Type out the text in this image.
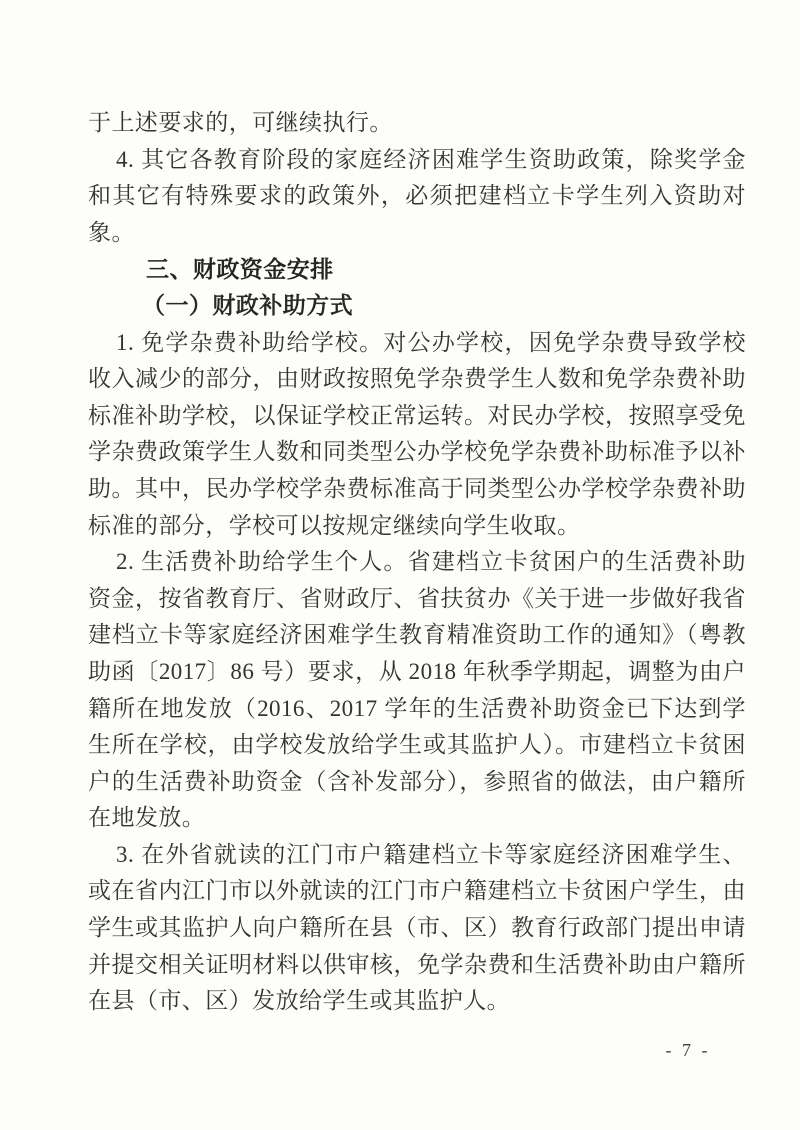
于上述要求的，可继续执行。

4. 其它各教育阶段的家庭经济困难学生资助政策，除奖学金和其它有特殊要求的政策外，必须把建档立卡学生列入资助对象。

三、财政资金安排

（一）财政补助方式

1. 免学杂费补助给学校。对公办学校，因免学杂费导致学校收入减少的部分，由财政按照免学杂费学生人数和免学杂费补助标准补助学校，以保证学校正常运转。对民办学校，按照享受免学杂费政策学生人数和同类型公办学校免学杂费补助标准予以补助。其中，民办学校学杂费标准高于同类型公办学校学杂费补助标准的部分，学校可以按规定继续向学生收取。

2. 生活费补助给学生个人。省建档立卡贫困户的生活费补助资金，按省教育厅、省财政厅、省扶贫办《关于进一步做好我省建档立卡等家庭经济困难学生教育精准资助工作的通知》（粤教助函〔2017〕86 号）要求，从 2018 年秋季学期起，调整为由户籍所在地发放（2016、2017 学年的生活费补助资金已下达到学生所在学校，由学校发放给学生或其监护人）。市建档立卡贫困户的生活费补助资金（含补发部分），参照省的做法，由户籍所在地发放。

3. 在外省就读的江门市户籍建档立卡等家庭经济困难学生、或在省内江门市以外就读的江门市户籍建档立卡贫困户学生，由学生或其监护人向户籍所在县（市、区）教育行政部门提出申请并提交相关证明材料以供审核，免学杂费和生活费补助由户籍所在县（市、区）发放给学生或其监护人。

- 7 -
